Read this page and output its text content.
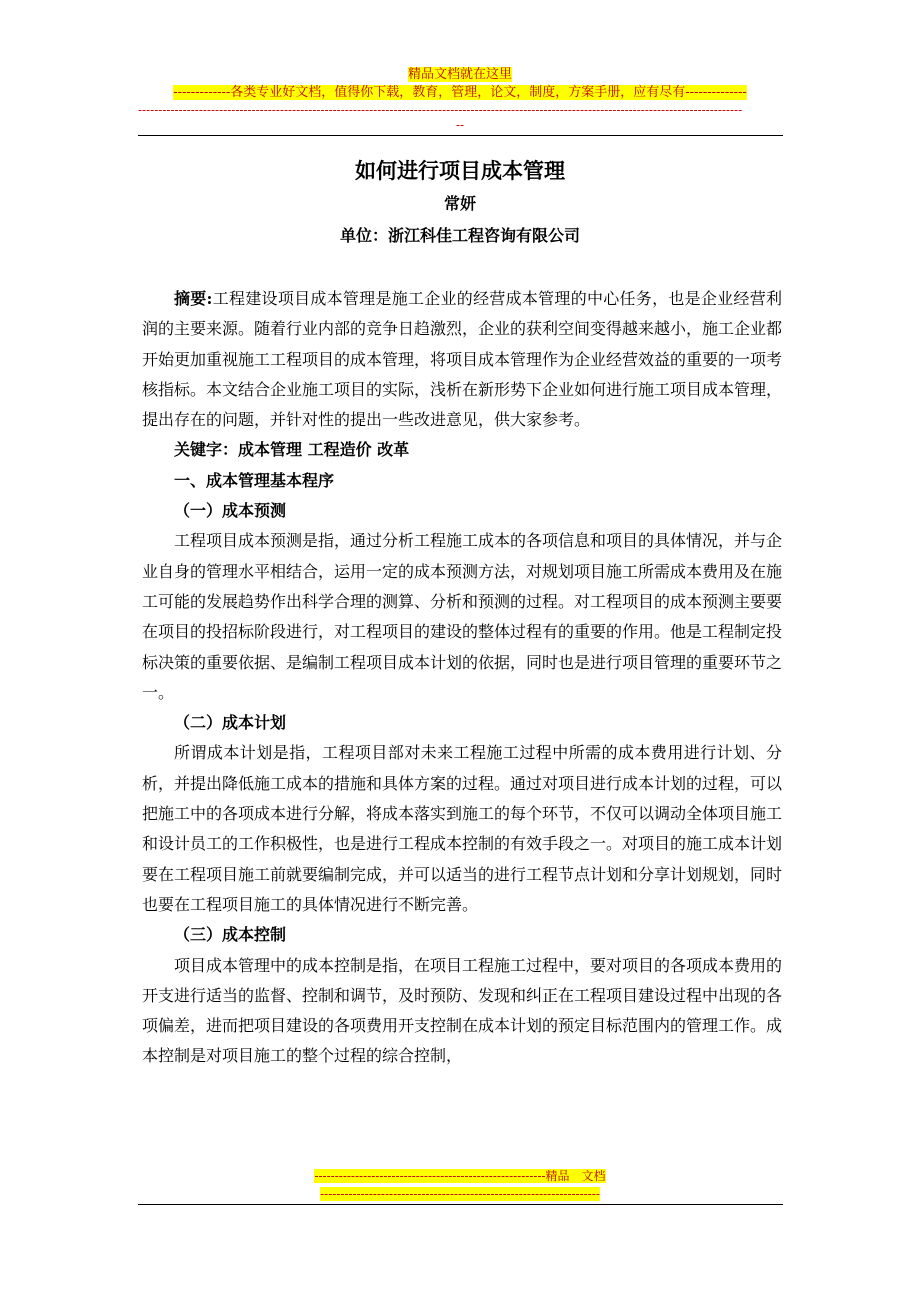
精品文档就在这里
-------------各类专业好文档，值得你下载，教育，管理，论文，制度，方案手册，应有尽有--------------
-----------------------------------------------------------------------------------------------------------------------------------------------------
--
如何进行项目成本管理
常妍
单位：浙江科佳工程咨询有限公司

摘要:工程建设项目成本管理是施工企业的经营成本管理的中心任务，也是企业经营利润的主要来源。随着行业内部的竞争日趋激烈，企业的获利空间变得越来越小，施工企业都开始更加重视施工工程项目的成本管理，将项目成本管理作为企业经营效益的重要的一项考核指标。本文结合企业施工项目的实际，浅析在新形势下企业如何进行施工项目成本管理，提出存在的问题，并针对性的提出一些改进意见，供大家参考。

关键字：成本管理 工程造价 改革

一、成本管理基本程序

（一）成本预测

工程项目成本预测是指，通过分析工程施工成本的各项信息和项目的具体情况，并与企业自身的管理水平相结合，运用一定的成本预测方法，对规划项目施工所需成本费用及在施工可能的发展趋势作出科学合理的测算、分析和预测的过程。对工程项目的成本预测主要要在项目的投招标阶段进行，对工程项目的建设的整体过程有的重要的作用。他是工程制定投标决策的重要依据、是编制工程项目成本计划的依据，同时也是进行项目管理的重要环节之一。

（二）成本计划

所谓成本计划是指，工程项目部对未来工程施工过程中所需的成本费用进行计划、分析，并提出降低施工成本的措施和具体方案的过程。通过对项目进行成本计划的过程，可以把施工中的各项成本进行分解，将成本落实到施工的每个环节，不仅可以调动全体项目施工和设计员工的工作积极性，也是进行工程成本控制的有效手段之一。对项目的施工成本计划要在工程项目施工前就要编制完成，并可以适当的进行工程节点计划和分享计划规划，同时也要在工程项目施工的具体情况进行不断完善。

（三）成本控制

项目成本管理中的成本控制是指，在项目工程施工过程中，要对项目的各项成本费用的开支进行适当的监督、控制和调节，及时预防、发现和纠正在工程项目建设过程中出现的各项偏差，进而把项目建设的各项费用开支控制在成本计划的预定目标范围内的管理工作。成本控制是对项目施工的整个过程的综合控制，

---------------------------------------------------------精品　文档
---------------------------------------------------------------------
